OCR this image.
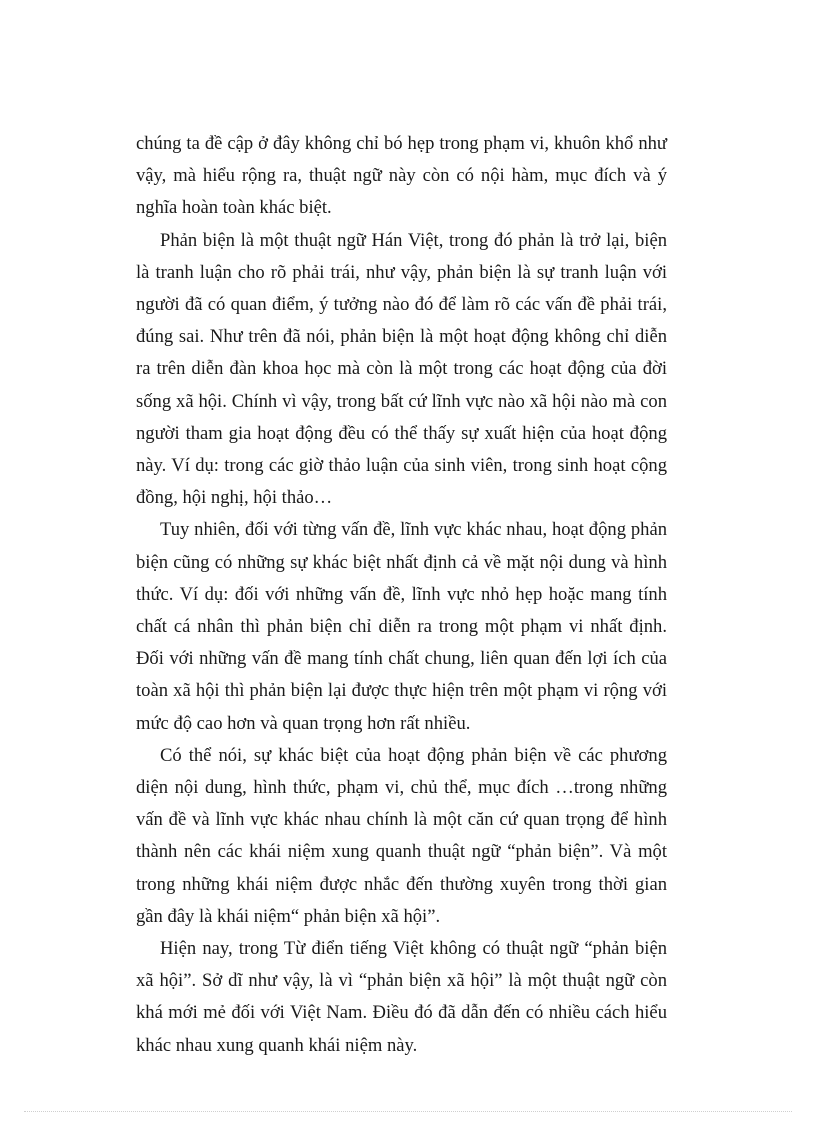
chúng ta đề cập ở đây không chỉ bó hẹp trong phạm vi, khuôn khổ như vậy, mà hiểu rộng ra, thuật ngữ này còn có nội hàm, mục đích và ý nghĩa hoàn toàn khác biệt.

Phản biện là một thuật ngữ Hán Việt, trong đó phản là trở lại, biện là tranh luận cho rõ phải trái, như vậy, phản biện là sự tranh luận với người đã có quan điểm, ý tưởng nào đó để làm rõ các vấn đề phải trái, đúng sai. Như trên đã nói, phản biện là một hoạt động không chỉ diễn ra trên diễn đàn khoa học mà còn là một trong các hoạt động của đời sống xã hội. Chính vì vậy, trong bất cứ lĩnh vực nào xã hội nào mà con người tham gia hoạt động đều có thể thấy sự xuất hiện của hoạt động này. Ví dụ: trong các giờ thảo luận của sinh viên, trong sinh hoạt cộng đồng, hội nghị, hội thảo…

Tuy nhiên, đối với từng vấn đề, lĩnh vực khác nhau, hoạt động phản biện cũng có những sự khác biệt nhất định cả về mặt nội dung và hình thức. Ví dụ: đối với những vấn đề, lĩnh vực nhỏ hẹp hoặc mang tính chất cá nhân thì phản biện chỉ diễn ra trong một phạm vi nhất định. Đối với những vấn đề mang tính chất chung, liên quan đến lợi ích của toàn xã hội thì phản biện lại được thực hiện trên một phạm vi rộng với mức độ cao hơn và quan trọng hơn rất nhiều.

Có thể nói, sự khác biệt của hoạt động phản biện về các phương diện nội dung, hình thức, phạm vi, chủ thể, mục đích …trong những vấn đề và lĩnh vực khác nhau chính là một căn cứ quan trọng để hình thành nên các khái niệm xung quanh thuật ngữ “phản biện”. Và một trong những khái niệm được nhắc đến thường xuyên trong thời gian gần đây là khái niệm“ phản biện xã hội”.

Hiện nay, trong Từ điển tiếng Việt không có thuật ngữ “phản biện xã hội”. Sở dĩ như vậy, là vì “phản biện xã hội” là một thuật ngữ còn khá mới mẻ đối với Việt Nam. Điều đó đã dẫn đến có nhiều cách hiểu khác nhau xung quanh khái niệm này.
